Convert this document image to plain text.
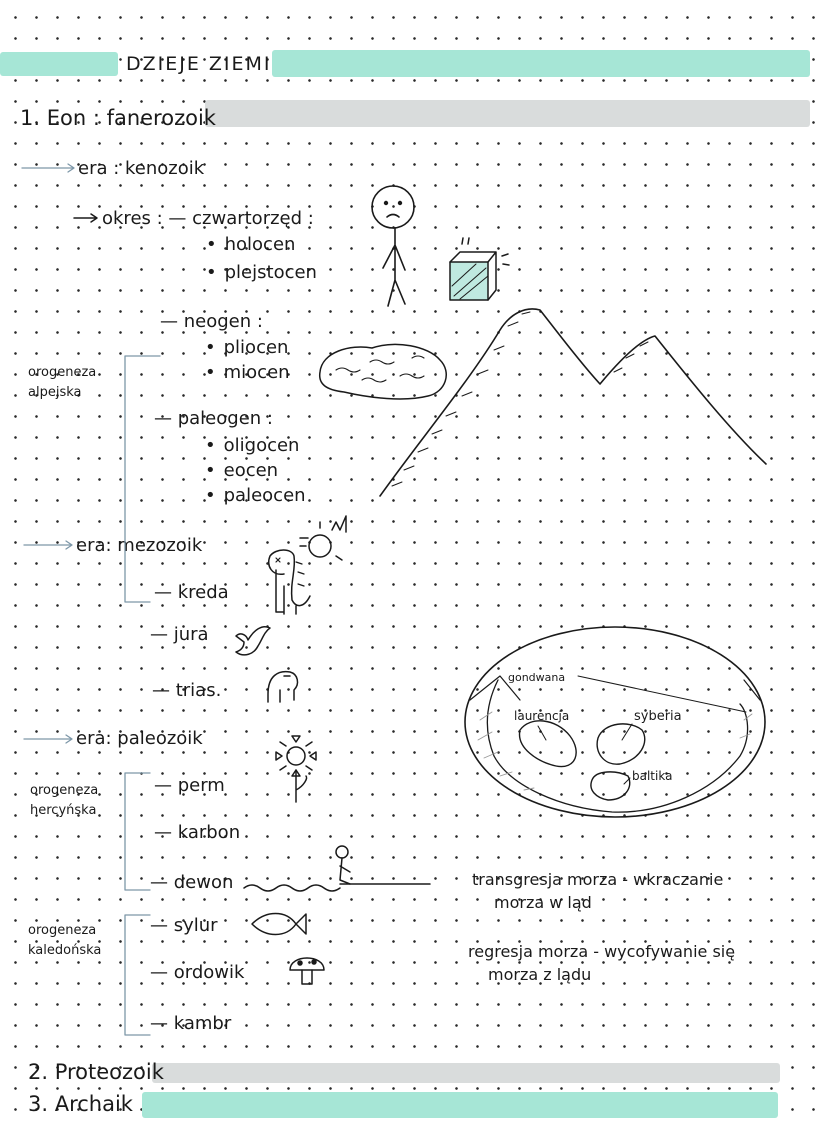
DZIEJE ZIEMI
1. Eon : fanerozoik
2. Proteozoik
3. Archaik
era : kenozoik
era: mezozoik
era: paleozoik
okres : — czwartorzęd :
• holocen
• plejstocen
— neogen :
• pliocen
• miocen
— paleogen :
• oligocen
• eocen
• paleocen
— kreda
— jura
— trias.
— perm
— karbon
— dewon
— sylur
— ordowik
— kambr
orogeneza
alpejska
orogeneza
hercyńska
orogeneza
kaledońska
gondwana
laurencja	syberia
baltika
transgresja morza - wkraczanie
morza w ląd
regresja morza - wycofywanie się
morza z lądu
